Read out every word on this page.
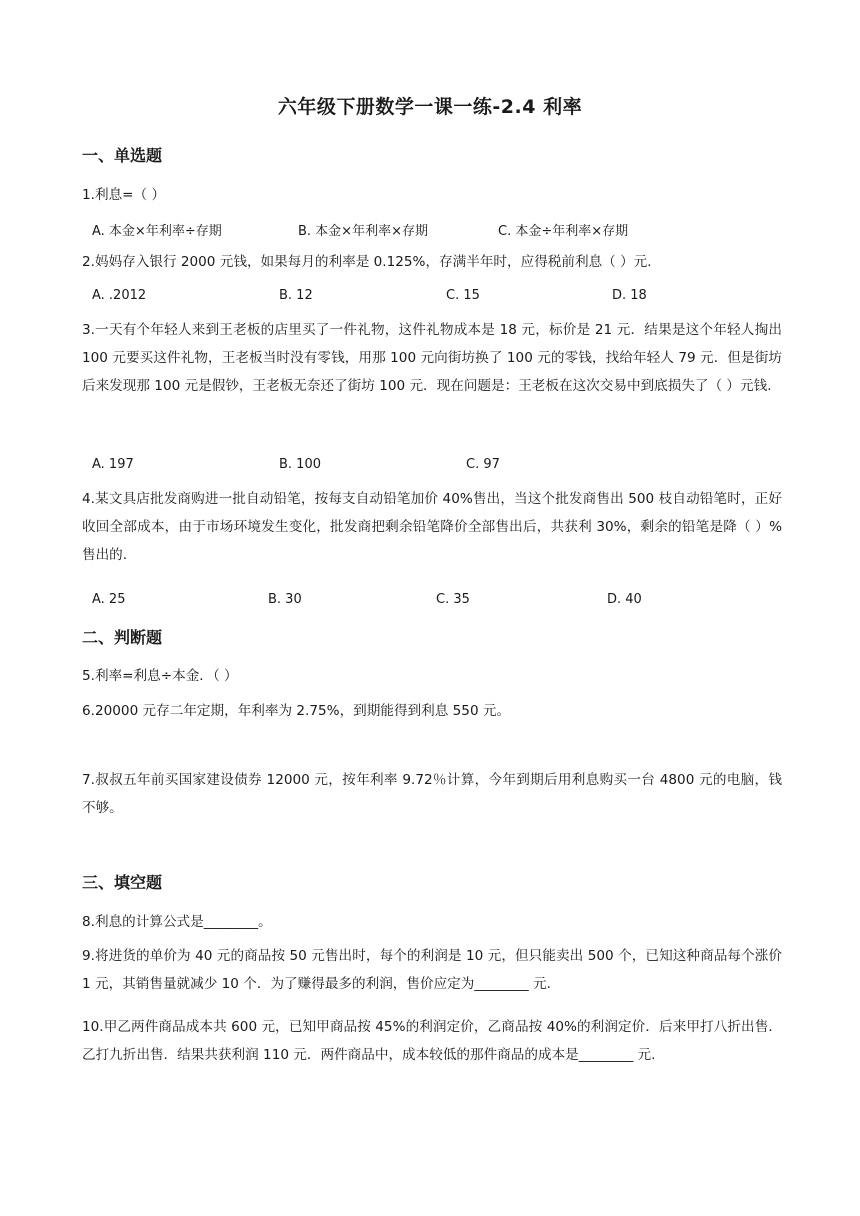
六年级下册数学一课一练-2.4 利率
一、单选题
1.利息=（ ）
A. 本金×年利率÷存期	B. 本金×年利率×存期	C. 本金÷年利率×存期
2.妈妈存入银行 2000 元钱，如果每月的利率是 0.125%，存满半年时，应得税前利息（ ）元.
A. .2012	B. 12	C. 15	D. 18
3.一天有个年轻人来到王老板的店里买了一件礼物，这件礼物成本是 18 元，标价是 21 元．结果是这个年轻人掏出 100 元要买这件礼物，王老板当时没有零钱，用那 100 元向街坊换了 100 元的零钱，找给年轻人 79 元．但是街坊后来发现那 100 元是假钞，王老板无奈还了街坊 100 元．现在问题是：王老板在这次交易中到底损失了（ ）元钱.
A. 197	B. 100	C. 97
4.某文具店批发商购进一批自动铅笔，按每支自动铅笔加价 40%售出，当这个批发商售出 500 枝自动铅笔时，正好收回全部成本，由于市场环境发生变化，批发商把剩余铅笔降价全部售出后，共获利 30%，剩余的铅笔是降（ ）%售出的.
A. 25	B. 30	C. 35	D. 40
二、判断题
5.利率=利息÷本金．（ ）
6.20000 元存二年定期，年利率为 2.75%，到期能得到利息 550 元。
7.叔叔五年前买国家建设债券 12000 元，按年利率 9.72％计算，今年到期后用利息购买一台 4800 元的电脑，钱不够。
三、填空题
8.利息的计算公式是________。
9.将进货的单价为 40 元的商品按 50 元售出时，每个的利润是 10 元，但只能卖出 500 个，已知这种商品每个涨价 1 元，其销售量就减少 10 个．为了赚得最多的利润，售价应定为________ 元.
10.甲乙两件商品成本共 600 元，已知甲商品按 45%的利润定价，乙商品按 40%的利润定价．后来甲打八折出售．乙打九折出售．结果共获利润 110 元．两件商品中，成本较低的那件商品的成本是________ 元.
